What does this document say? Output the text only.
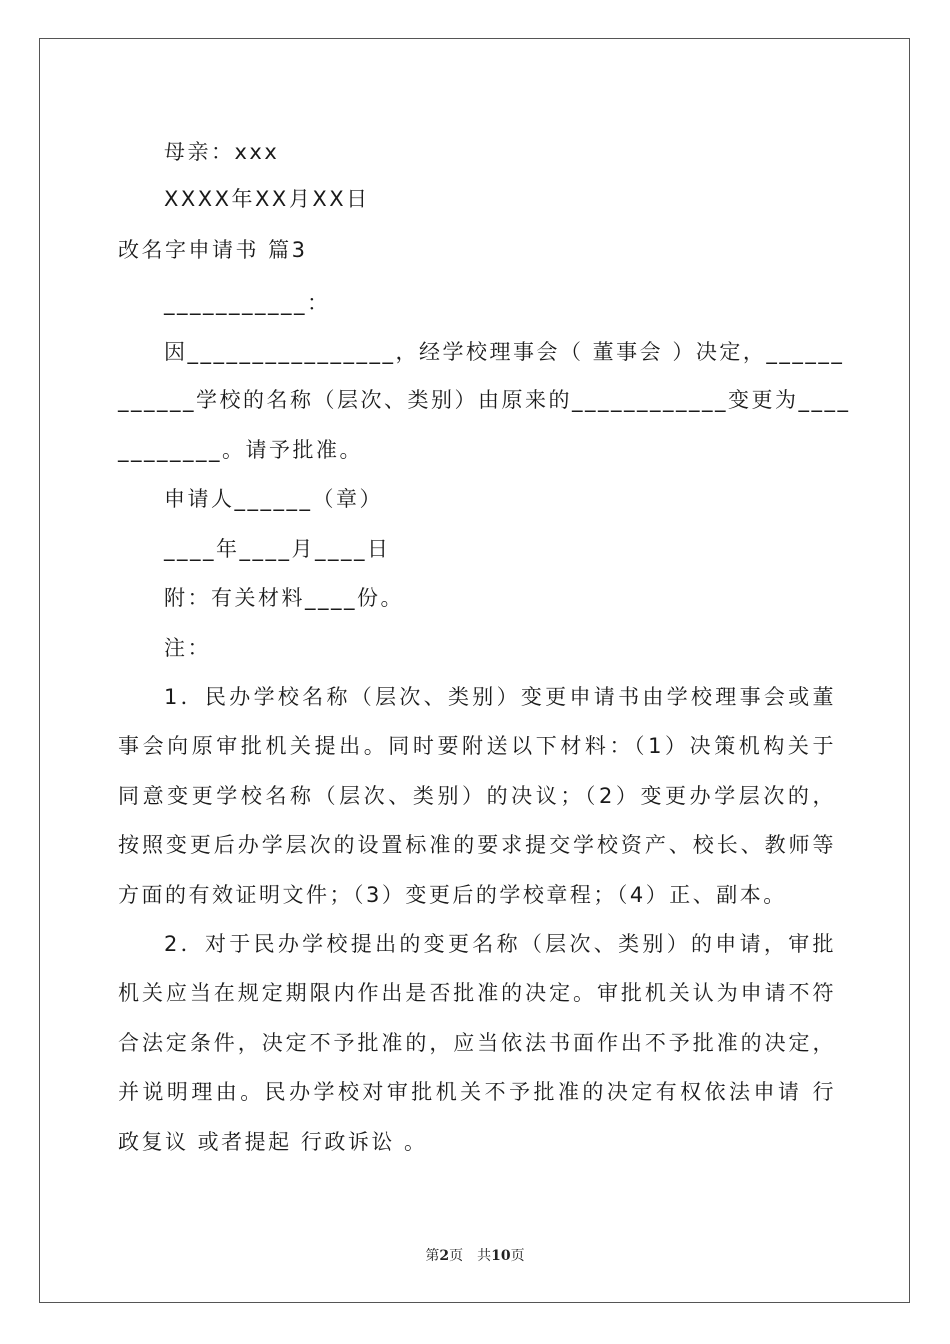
母亲：xxx

XXXX年XX月XX日

改名字申请书 篇3

___________：

因________________，经学校理事会（ 董事会 ）决定，______

______学校的名称（层次、类别）由原来的____________变更为____

________。请予批准。

申请人______（章）

____年____月____日

附：有关材料____份。

注：

1．民办学校名称（层次、类别）变更申请书由学校理事会或董

事会向原审批机关提出。同时要附送以下材料：（1）决策机构关于

同意变更学校名称（层次、类别）的决议；（2）变更办学层次的，

按照变更后办学层次的设置标准的要求提交学校资产、校长、教师等

方面的有效证明文件；（3）变更后的学校章程；（4）正、副本。

2．对于民办学校提出的变更名称（层次、类别）的申请，审批

机关应当在规定期限内作出是否批准的决定。审批机关认为申请不符

合法定条件，决定不予批准的，应当依法书面作出不予批准的决定，

并说明理由。民办学校对审批机关不予批准的决定有权依法申请 行

政复议 或者提起 行政诉讼 。

第2页　共10页
